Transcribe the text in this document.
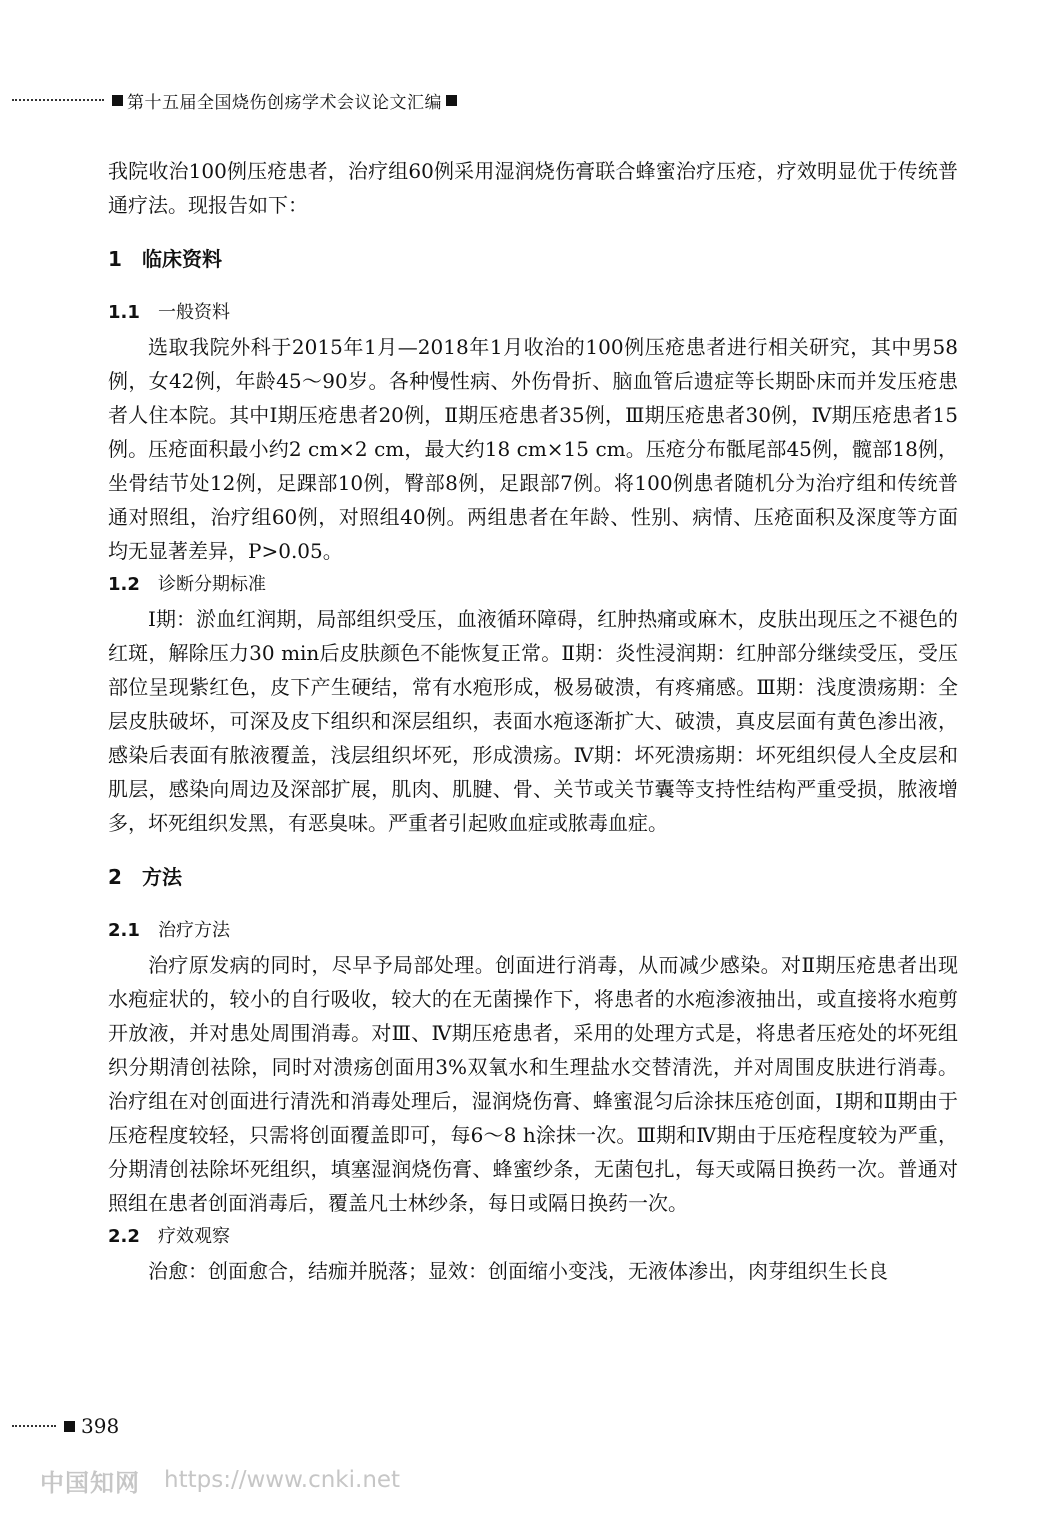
第十五届全国烧伤创疡学术会议论文汇编

我院收治100例压疮患者，治疗组60例采用湿润烧伤膏联合蜂蜜治疗压疮，疗效明显优于传统普通疗法。现报告如下：

1	临床资料
1.1	一般资料

选取我院外科于2015年1月—2018年1月收治的100例压疮患者进行相关研究，其中男58例，女42例，年龄45～90岁。各种慢性病、外伤骨折、脑血管后遗症等长期卧床而并发压疮患者人住本院。其中Ⅰ期压疮患者20例，Ⅱ期压疮患者35例，Ⅲ期压疮患者30例，Ⅳ期压疮患者15例。压疮面积最小约2 cm×2 cm，最大约18 cm×15 cm。压疮分布骶尾部45例，髋部18例，坐骨结节处12例，足踝部10例，臀部8例，足跟部7例。将100例患者随机分为治疗组和传统普通对照组，治疗组60例，对照组40例。两组患者在年龄、性别、病情、压疮面积及深度等方面均无显著差异，P>0.05。

1.2	诊断分期标准

Ⅰ期：淤血红润期，局部组织受压，血液循环障碍，红肿热痛或麻木，皮肤出现压之不褪色的红斑，解除压力30 min后皮肤颜色不能恢复正常。Ⅱ期：炎性浸润期：红肿部分继续受压，受压部位呈现紫红色，皮下产生硬结，常有水疱形成，极易破溃，有疼痛感。Ⅲ期：浅度溃疡期：全层皮肤破坏，可深及皮下组织和深层组织，表面水疱逐渐扩大、破溃，真皮层面有黄色渗出液，感染后表面有脓液覆盖，浅层组织坏死，形成溃疡。Ⅳ期：坏死溃疡期：坏死组织侵人全皮层和肌层，感染向周边及深部扩展，肌肉、肌腱、骨、关节或关节囊等支持性结构严重受损，脓液增多，坏死组织发黑，有恶臭味。严重者引起败血症或脓毒血症。

2	方法
2.1	治疗方法

治疗原发病的同时，尽早予局部处理。创面进行消毒，从而减少感染。对Ⅱ期压疮患者出现水疱症状的，较小的自行吸收，较大的在无菌操作下，将患者的水疱渗液抽出，或直接将水疱剪开放液，并对患处周围消毒。对Ⅲ、Ⅳ期压疮患者，采用的处理方式是，将患者压疮处的坏死组织分期清创祛除，同时对溃疡创面用3%双氧水和生理盐水交替清洗，并对周围皮肤进行消毒。治疗组在对创面进行清洗和消毒处理后，湿润烧伤膏、蜂蜜混匀后涂抹压疮创面，Ⅰ期和Ⅱ期由于压疮程度较轻，只需将创面覆盖即可，每6～8 h涂抹一次。Ⅲ期和Ⅳ期由于压疮程度较为严重，分期清创祛除坏死组织，填塞湿润烧伤膏、蜂蜜纱条，无菌包扎，每天或隔日换药一次。普通对照组在患者创面消毒后，覆盖凡士林纱条，每日或隔日换药一次。

2.2	疗效观察

治愈：创面愈合，结痂并脱落；显效：创面缩小变浅，无液体渗出，肉芽组织生长良

398
中国知网 https://www.cnki.net
